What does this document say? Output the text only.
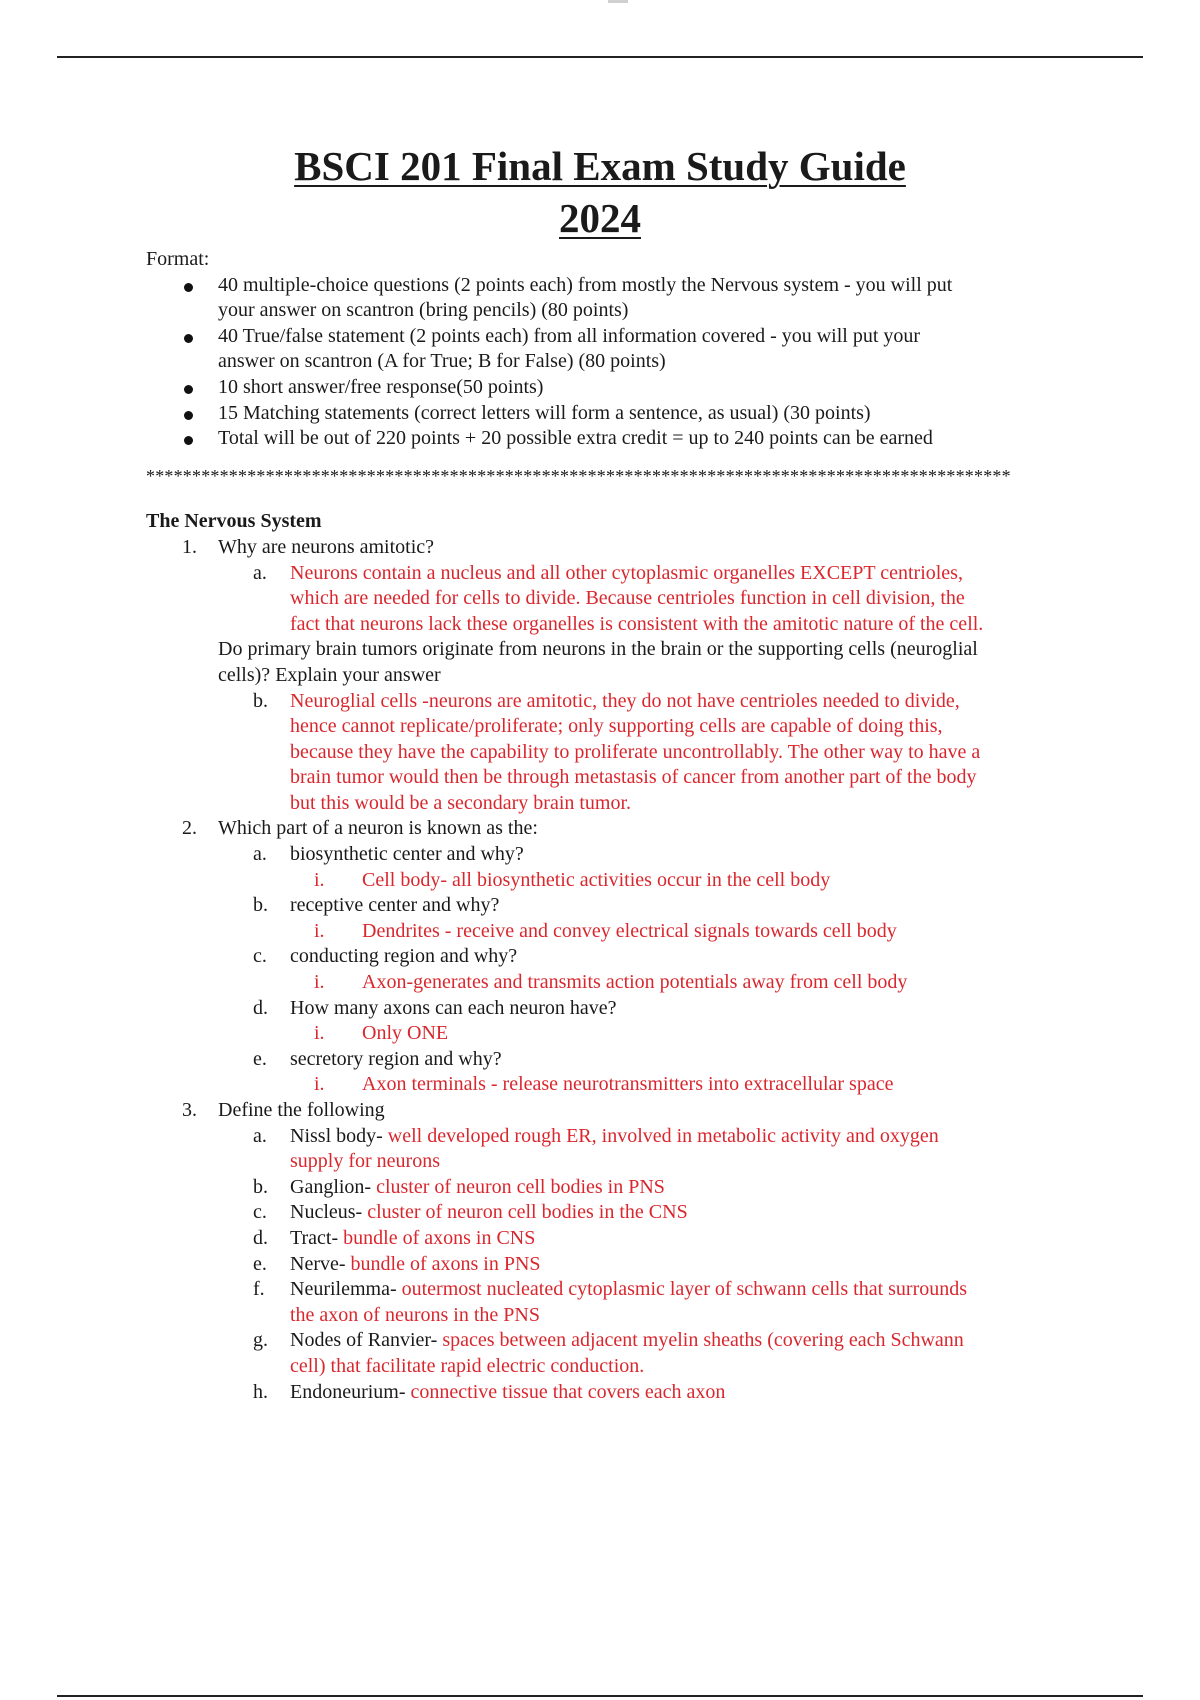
BSCI 201 Final Exam Study Guide
2024
Format:
40 multiple-choice questions (2 points each) from mostly the Nervous system - you will put
your answer on scantron (bring pencils) (80 points)
40 True/false statement (2 points each) from all information covered - you will put your
answer on scantron (A for True; B for False) (80 points)
10 short answer/free response(50 points)
15 Matching statements (correct letters will form a sentence, as usual) (30 points)
Total will be out of 220 points + 20 possible extra credit = up to 240 points can be earned
**********************************************************************************************
The Nervous System
1. Why are neurons amitotic?
a. Neurons contain a nucleus and all other cytoplasmic organelles EXCEPT centrioles,
which are needed for cells to divide. Because centrioles function in cell division, the
fact that neurons lack these organelles is consistent with the amitotic nature of the cell.
Do primary brain tumors originate from neurons in the brain or the supporting cells (neuroglial
cells)? Explain your answer
b. Neuroglial cells -neurons are amitotic, they do not have centrioles needed to divide,
hence cannot replicate/proliferate; only supporting cells are capable of doing this,
because they have the capability to proliferate uncontrollably. The other way to have a
brain tumor would then be through metastasis of cancer from another part of the body
but this would be a secondary brain tumor.
2. Which part of a neuron is known as the:
a. biosynthetic center and why?
i. Cell body- all biosynthetic activities occur in the cell body
b. receptive center and why?
i. Dendrites - receive and convey electrical signals towards cell body
c. conducting region and why?
i. Axon-generates and transmits action potentials away from cell body
d. How many axons can each neuron have?
i. Only ONE
e. secretory region and why?
i. Axon terminals - release neurotransmitters into extracellular space
3. Define the following
a. Nissl body- well developed rough ER, involved in metabolic activity and oxygen
supply for neurons
b. Ganglion- cluster of neuron cell bodies in PNS
c. Nucleus- cluster of neuron cell bodies in the CNS
d. Tract- bundle of axons in CNS
e. Nerve- bundle of axons in PNS
f. Neurilemma- outermost nucleated cytoplasmic layer of schwann cells that surrounds
the axon of neurons in the PNS
g. Nodes of Ranvier- spaces between adjacent myelin sheaths (covering each Schwann
cell) that facilitate rapid electric conduction.
h. Endoneurium- connective tissue that covers each axon
